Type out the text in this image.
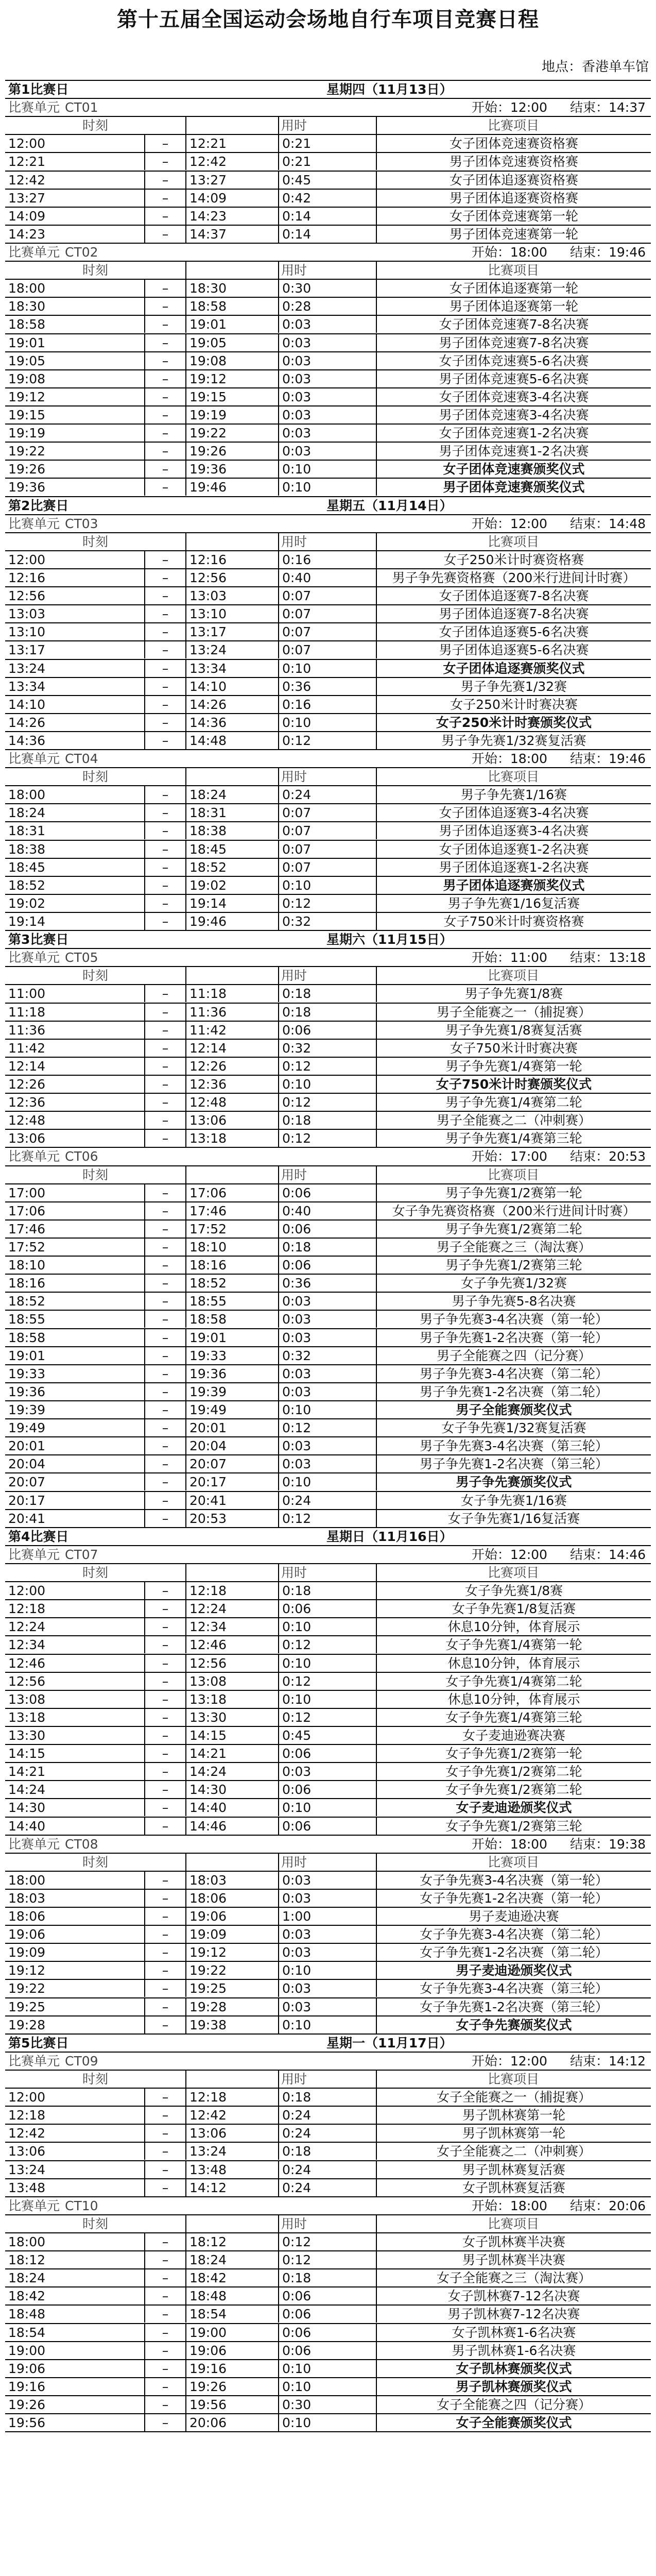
第十五届全国运动会场地自行车项目竞赛日程
地点：香港单车馆
第1比赛日	星期四（11月13日）
比赛单元 CT01	开始：12:00 结束：14:37
时刻	用时	比赛项目
12:00	–	12:21	0:21	女子团体竞速赛资格赛
12:21	–	12:42	0:21	男子团体竞速赛资格赛
12:42	–	13:27	0:45	女子团体追逐赛资格赛
13:27	–	14:09	0:42	男子团体追逐赛资格赛
14:09	–	14:23	0:14	女子团体竞速赛第一轮
14:23	–	14:37	0:14	男子团体竞速赛第一轮
比赛单元 CT02	开始：18:00 结束：19:46
时刻	用时	比赛项目
18:00	–	18:30	0:30	女子团体追逐赛第一轮
18:30	–	18:58	0:28	男子团体追逐赛第一轮
18:58	–	19:01	0:03	女子团体竞速赛7-8名决赛
19:01	–	19:05	0:03	男子团体竞速赛7-8名决赛
19:05	–	19:08	0:03	女子团体竞速赛5-6名决赛
19:08	–	19:12	0:03	男子团体竞速赛5-6名决赛
19:12	–	19:15	0:03	女子团体竞速赛3-4名决赛
19:15	–	19:19	0:03	男子团体竞速赛3-4名决赛
19:19	–	19:22	0:03	女子团体竞速赛1-2名决赛
19:22	–	19:26	0:03	男子团体竞速赛1-2名决赛
19:26	–	19:36	0:10	女子团体竞速赛颁奖仪式
19:36	–	19:46	0:10	男子团体竞速赛颁奖仪式
第2比赛日	星期五（11月14日）
比赛单元 CT03	开始：12:00 结束：14:48
时刻	用时	比赛项目
12:00	–	12:16	0:16	女子250米计时赛资格赛
12:16	–	12:56	0:40	男子争先赛资格赛（200米行进间计时赛）
12:56	–	13:03	0:07	女子团体追逐赛7-8名决赛
13:03	–	13:10	0:07	男子团体追逐赛7-8名决赛
13:10	–	13:17	0:07	女子团体追逐赛5-6名决赛
13:17	–	13:24	0:07	男子团体追逐赛5-6名决赛
13:24	–	13:34	0:10	女子团体追逐赛颁奖仪式
13:34	–	14:10	0:36	男子争先赛1/32赛
14:10	–	14:26	0:16	女子250米计时赛决赛
14:26	–	14:36	0:10	女子250米计时赛颁奖仪式
14:36	–	14:48	0:12	男子争先赛1/32赛复活赛
比赛单元 CT04	开始：18:00 结束：19:46
时刻	用时	比赛项目
18:00	–	18:24	0:24	男子争先赛1/16赛
18:24	–	18:31	0:07	女子团体追逐赛3-4名决赛
18:31	–	18:38	0:07	男子团体追逐赛3-4名决赛
18:38	–	18:45	0:07	女子团体追逐赛1-2名决赛
18:45	–	18:52	0:07	男子团体追逐赛1-2名决赛
18:52	–	19:02	0:10	男子团体追逐赛颁奖仪式
19:02	–	19:14	0:12	男子争先赛1/16复活赛
19:14	–	19:46	0:32	女子750米计时赛资格赛
第3比赛日	星期六（11月15日）
比赛单元 CT05	开始：11:00 结束：13:18
时刻	用时	比赛项目
11:00	–	11:18	0:18	男子争先赛1/8赛
11:18	–	11:36	0:18	男子全能赛之一（捕捉赛）
11:36	–	11:42	0:06	男子争先赛1/8赛复活赛
11:42	–	12:14	0:32	女子750米计时赛决赛
12:14	–	12:26	0:12	男子争先赛1/4赛第一轮
12:26	–	12:36	0:10	女子750米计时赛颁奖仪式
12:36	–	12:48	0:12	男子争先赛1/4赛第二轮
12:48	–	13:06	0:18	男子全能赛之二（冲刺赛）
13:06	–	13:18	0:12	男子争先赛1/4赛第三轮
比赛单元 CT06	开始：17:00 结束：20:53
时刻	用时	比赛项目
17:00	–	17:06	0:06	男子争先赛1/2赛第一轮
17:06	–	17:46	0:40	女子争先赛资格赛（200米行进间计时赛）
17:46	–	17:52	0:06	男子争先赛1/2赛第二轮
17:52	–	18:10	0:18	男子全能赛之三（淘汰赛）
18:10	–	18:16	0:06	男子争先赛1/2赛第三轮
18:16	–	18:52	0:36	女子争先赛1/32赛
18:52	–	18:55	0:03	男子争先赛5-8名决赛
18:55	–	18:58	0:03	男子争先赛3-4名决赛（第一轮）
18:58	–	19:01	0:03	男子争先赛1-2名决赛（第一轮）
19:01	–	19:33	0:32	男子全能赛之四（记分赛）
19:33	–	19:36	0:03	男子争先赛3-4名决赛（第二轮）
19:36	–	19:39	0:03	男子争先赛1-2名决赛（第二轮）
19:39	–	19:49	0:10	男子全能赛颁奖仪式
19:49	–	20:01	0:12	女子争先赛1/32赛复活赛
20:01	–	20:04	0:03	男子争先赛3-4名决赛（第三轮）
20:04	–	20:07	0:03	男子争先赛1-2名决赛（第三轮）
20:07	–	20:17	0:10	男子争先赛颁奖仪式
20:17	–	20:41	0:24	女子争先赛1/16赛
20:41	–	20:53	0:12	女子争先赛1/16复活赛
第4比赛日	星期日（11月16日）
比赛单元 CT07	开始：12:00 结束：14:46
时刻	用时	比赛项目
12:00	–	12:18	0:18	女子争先赛1/8赛
12:18	–	12:24	0:06	女子争先赛1/8复活赛
12:24	–	12:34	0:10	休息10分钟，体育展示
12:34	–	12:46	0:12	女子争先赛1/4赛第一轮
12:46	–	12:56	0:10	休息10分钟，体育展示
12:56	–	13:08	0:12	女子争先赛1/4赛第二轮
13:08	–	13:18	0:10	休息10分钟，体育展示
13:18	–	13:30	0:12	女子争先赛1/4赛第三轮
13:30	–	14:15	0:45	女子麦迪逊赛决赛
14:15	–	14:21	0:06	女子争先赛1/2赛第一轮
14:21	–	14:24	0:03	女子争先赛1/2赛第二轮
14:24	–	14:30	0:06	女子争先赛1/2赛第二轮
14:30	–	14:40	0:10	女子麦迪逊颁奖仪式
14:40	–	14:46	0:06	女子争先赛1/2赛第三轮
比赛单元 CT08	开始：18:00 结束：19:38
时刻	用时	比赛项目
18:00	–	18:03	0:03	女子争先赛3-4名决赛（第一轮）
18:03	–	18:06	0:03	女子争先赛1-2名决赛（第一轮）
18:06	–	19:06	1:00	男子麦迪逊决赛
19:06	–	19:09	0:03	女子争先赛3-4名决赛（第二轮）
19:09	–	19:12	0:03	女子争先赛1-2名决赛（第二轮）
19:12	–	19:22	0:10	男子麦迪逊颁奖仪式
19:22	–	19:25	0:03	女子争先赛3-4名决赛（第三轮）
19:25	–	19:28	0:03	女子争先赛1-2名决赛（第三轮）
19:28	–	19:38	0:10	女子争先赛颁奖仪式
第5比赛日	星期一（11月17日）
比赛单元 CT09	开始：12:00 结束：14:12
时刻	用时	比赛项目
12:00	–	12:18	0:18	女子全能赛之一（捕捉赛）
12:18	–	12:42	0:24	男子凯林赛第一轮
12:42	–	13:06	0:24	男子凯林赛第一轮
13:06	–	13:24	0:18	女子全能赛之二（冲刺赛）
13:24	–	13:48	0:24	男子凯林赛复活赛
13:48	–	14:12	0:24	女子凯林赛复活赛
比赛单元 CT10	开始：18:00 结束：20:06
时刻	用时	比赛项目
18:00	–	18:12	0:12	女子凯林赛半决赛
18:12	–	18:24	0:12	男子凯林赛半决赛
18:24	–	18:42	0:18	女子全能赛之三（淘汰赛）
18:42	–	18:48	0:06	女子凯林赛7-12名决赛
18:48	–	18:54	0:06	男子凯林赛7-12名决赛
18:54	–	19:00	0:06	女子凯林赛1-6名决赛
19:00	–	19:06	0:06	男子凯林赛1-6名决赛
19:06	–	19:16	0:10	女子凯林赛颁奖仪式
19:16	–	19:26	0:10	男子凯林赛颁奖仪式
19:26	–	19:56	0:30	女子全能赛之四（记分赛）
19:56	–	20:06	0:10	女子全能赛颁奖仪式
